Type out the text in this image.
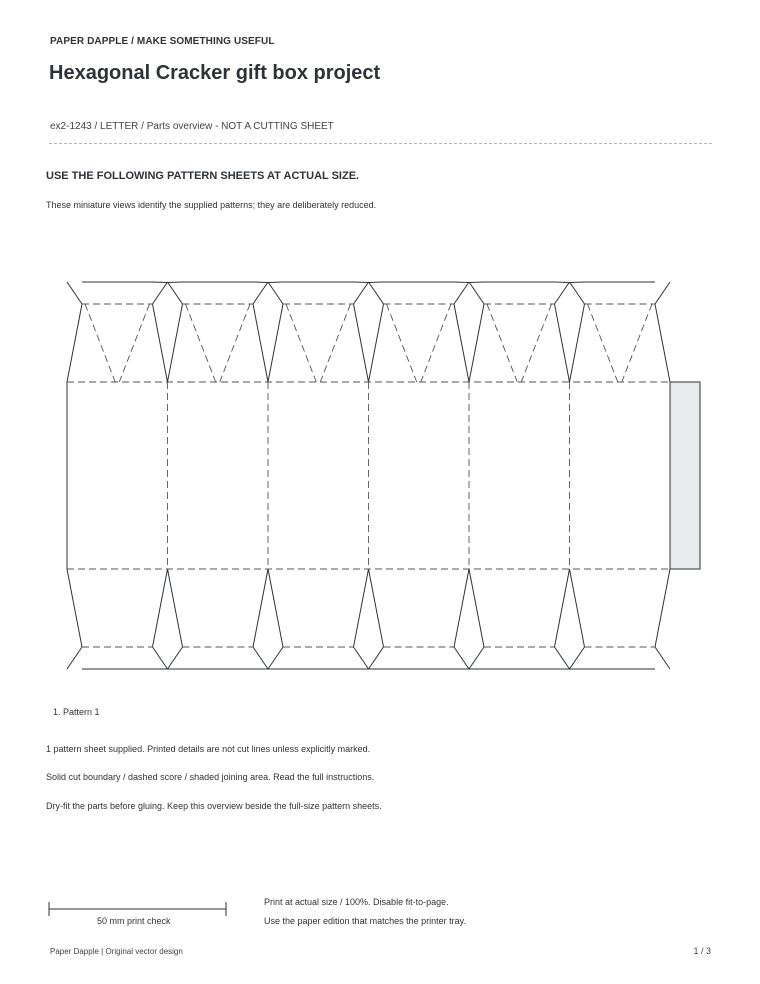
PAPER DAPPLE / MAKE SOMETHING USEFUL
Hexagonal Cracker gift box project
ex2-1243 / LETTER / Parts overview - NOT A CUTTING SHEET
USE THE FOLLOWING PATTERN SHEETS AT ACTUAL SIZE.
These miniature views identify the supplied patterns; they are deliberately reduced.
1. Pattern 1
1 pattern sheet supplied. Printed details are not cut lines unless explicitly marked.
Solid cut boundary / dashed score / shaded joining area. Read the full instructions.
Dry-fit the parts before gluing. Keep this overview beside the full-size pattern sheets.
50 mm print check
Print at actual size / 100%. Disable fit-to-page.
Use the paper edition that matches the printer tray.
Paper Dapple | Original vector design	1 / 3
